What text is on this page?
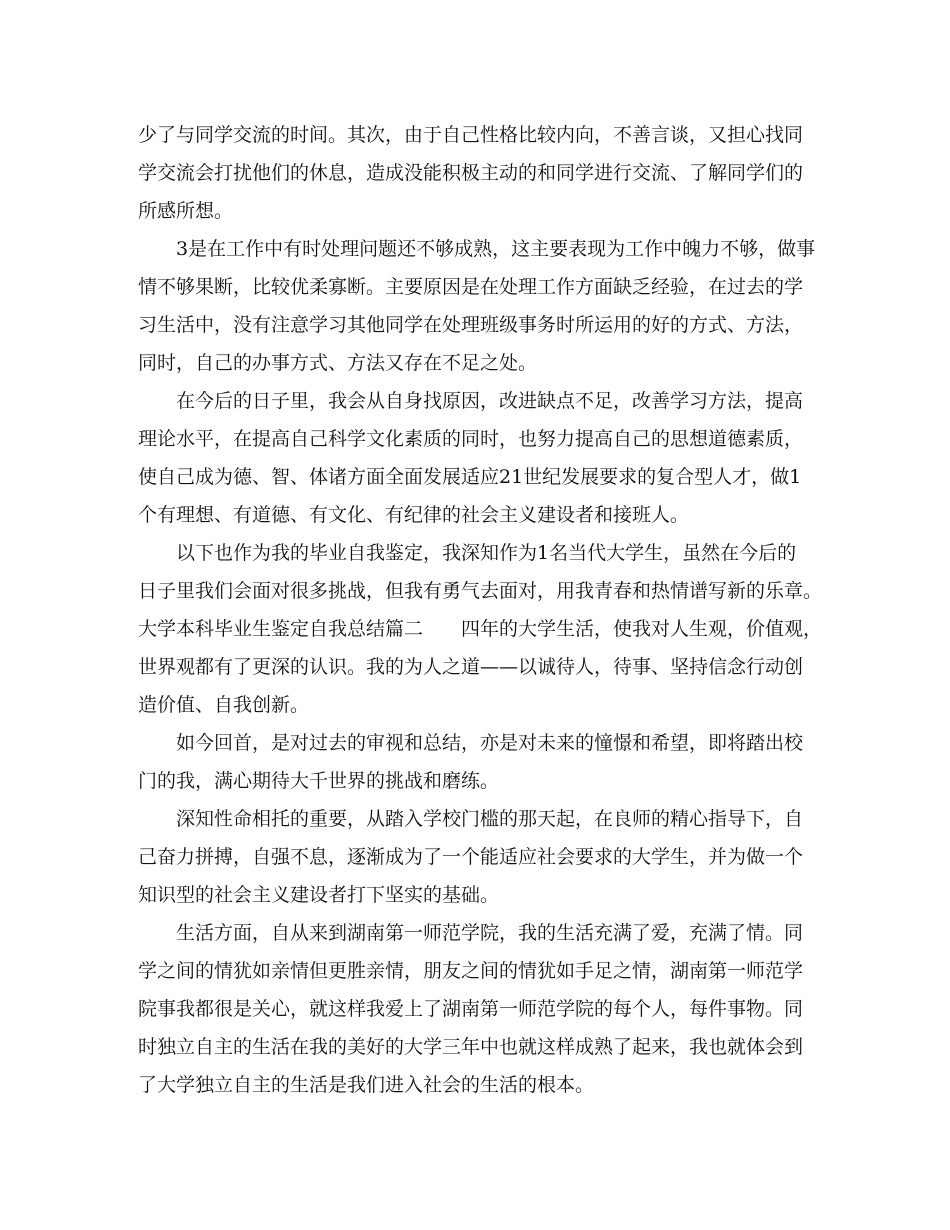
少了与同学交流的时间。其次，由于自己性格比较内向，不善言谈，又担心找同
学交流会打扰他们的休息，造成没能积极主动的和同学进行交流、了解同学们的
所感所想。
3是在工作中有时处理问题还不够成熟，这主要表现为工作中魄力不够，做事
情不够果断，比较优柔寡断。主要原因是在处理工作方面缺乏经验，在过去的学
习生活中，没有注意学习其他同学在处理班级事务时所运用的好的方式、方法，
同时，自己的办事方式、方法又存在不足之处。
在今后的日子里，我会从自身找原因，改进缺点不足，改善学习方法，提高
理论水平，在提高自己科学文化素质的同时，也努力提高自己的思想道德素质，
使自己成为德、智、体诸方面全面发展适应21世纪发展要求的复合型人才，做1
个有理想、有道德、有文化、有纪律的社会主义建设者和接班人。
以下也作为我的毕业自我鉴定，我深知作为1名当代大学生，虽然在今后的
日子里我们会面对很多挑战，但我有勇气去面对，用我青春和热情谱写新的乐章。
大学本科毕业生鉴定自我总结篇二　　四年的大学生活，使我对人生观，价值观，
世界观都有了更深的认识。我的为人之道——以诚待人，待事、坚持信念行动创
造价值、自我创新。
如今回首，是对过去的审视和总结，亦是对未来的憧憬和希望，即将踏出校
门的我，满心期待大千世界的挑战和磨练。
深知性命相托的重要，从踏入学校门槛的那天起，在良师的精心指导下，自
己奋力拼搏，自强不息，逐渐成为了一个能适应社会要求的大学生，并为做一个
知识型的社会主义建设者打下坚实的基础。
生活方面，自从来到湖南第一师范学院，我的生活充满了爱，充满了情。同
学之间的情犹如亲情但更胜亲情，朋友之间的情犹如手足之情，湖南第一师范学
院事我都很是关心，就这样我爱上了湖南第一师范学院的每个人，每件事物。同
时独立自主的生活在我的美好的大学三年中也就这样成熟了起来，我也就体会到
了大学独立自主的生活是我们进入社会的生活的根本。
